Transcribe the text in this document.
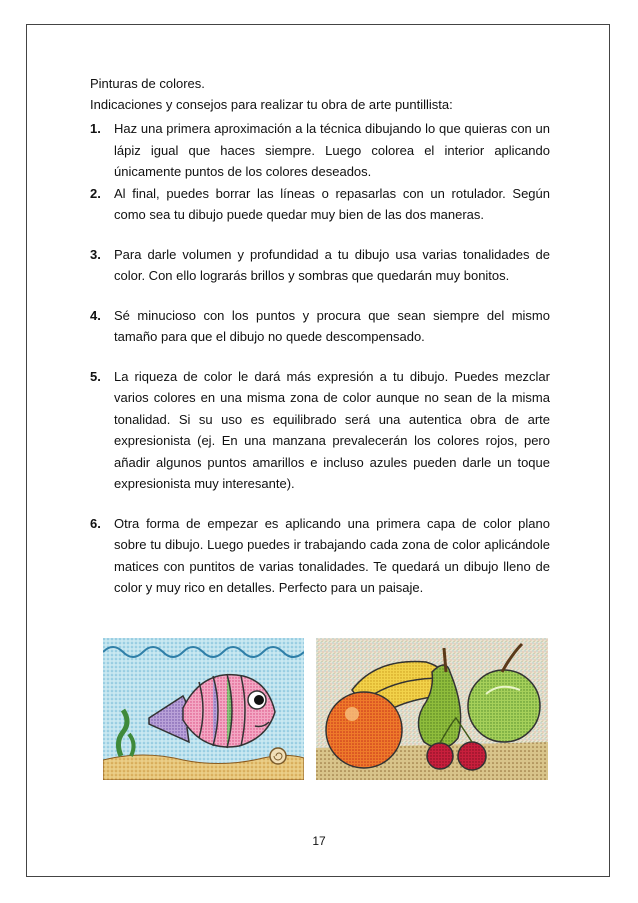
Pinturas de colores.
Indicaciones y consejos para realizar tu obra de arte puntillista:
1. Haz una primera aproximación a la técnica dibujando lo que quieras con un lápiz igual que haces siempre. Luego colorea el interior aplicando únicamente puntos de los colores deseados.
2. Al final, puedes borrar las líneas o repasarlas con un rotulador. Según como sea tu dibujo puede quedar muy bien de las dos maneras.
3. Para darle volumen y profundidad a tu dibujo usa varias tonalidades de color. Con ello lograrás brillos y sombras que quedarán muy bonitos.
4. Sé minucioso con los puntos y procura que sean siempre del mismo tamaño para que el dibujo no quede descompensado.
5. La riqueza de color le dará más expresión a tu dibujo. Puedes mezclar varios colores en una misma zona de color aunque no sean de la misma tonalidad. Si su uso es equilibrado será una autentica obra de arte expresionista (ej. En una manzana prevalecerán los colores rojos, pero añadir algunos puntos amarillos e incluso azules pueden darle un toque expresionista muy interesante).
6. Otra forma de empezar es aplicando una primera capa de color plano sobre tu dibujo. Luego puedes ir trabajando cada zona de color aplicándole matices con puntitos de varias tonalidades. Te quedará un dibujo lleno de color y muy rico en detalles. Perfecto para un paisaje.
17
